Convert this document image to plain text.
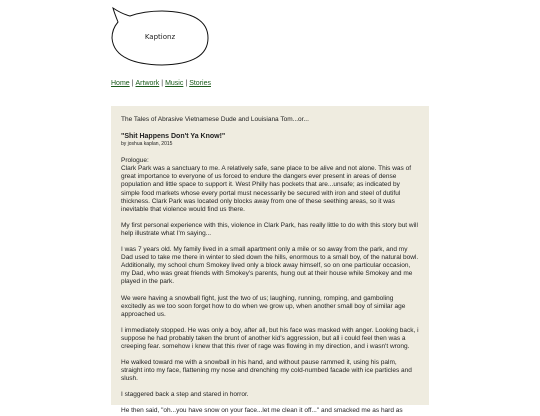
Kaptionz
Home | Artwork | Music | Stories

The Tales of Abrasive Vietnamese Dude and Louisiana Tom...or...

"Shit Happens Don't Ya Know!"

by joshua kaplan, 2015

Prologue:

Clark Park was a sanctuary to me. A relatively safe, sane place to be alive and not alone. This was of great importance to everyone of us forced to endure the dangers ever present in areas of dense population and little space to support it. West Philly has pockets that are...unsafe; as indicated by simple food markets whose every portal must necessarily be secured with iron and steel of dutiful thickness. Clark Park was located only blocks away from one of these seething areas, so it was inevitable that violence would find us there.

My first personal experience with this, violence in Clark Park, has really little to do with this story but will help illustrate what I'm saying...

I was 7 years old. My family lived in a small apartment only a mile or so away from the park, and my Dad used to take me there in winter to sled down the hills, enormous to a small boy, of the natural bowl. Additionally, my school chum Smokey lived only a block away himself, so on one particular occasion, my Dad, who was great friends with Smokey's parents, hung out at their house while Smokey and me played in the park.

We were having a snowball fight, just the two of us; laughing, running, romping, and gamboling excitedly as we too soon forget how to do when we grow up, when another small boy of similar age approached us.

I immediately stopped. He was only a boy, after all, but his face was masked with anger. Looking back, i suppose he had probably taken the brunt of another kid's aggression, but all i could feel then was a creeping fear. somehow i knew that this river of rage was flowing in my direction, and i wasn't wrong.

He walked toward me with a snowball in his hand, and without pause rammed it, using his palm, straight into my face, flattening my nose and drenching my cold-numbed facade with ice particles and slush.

I staggered back a step and stared in horror.

He then said, "oh...you have snow on your face...let me clean it off..." and smacked me as hard as
